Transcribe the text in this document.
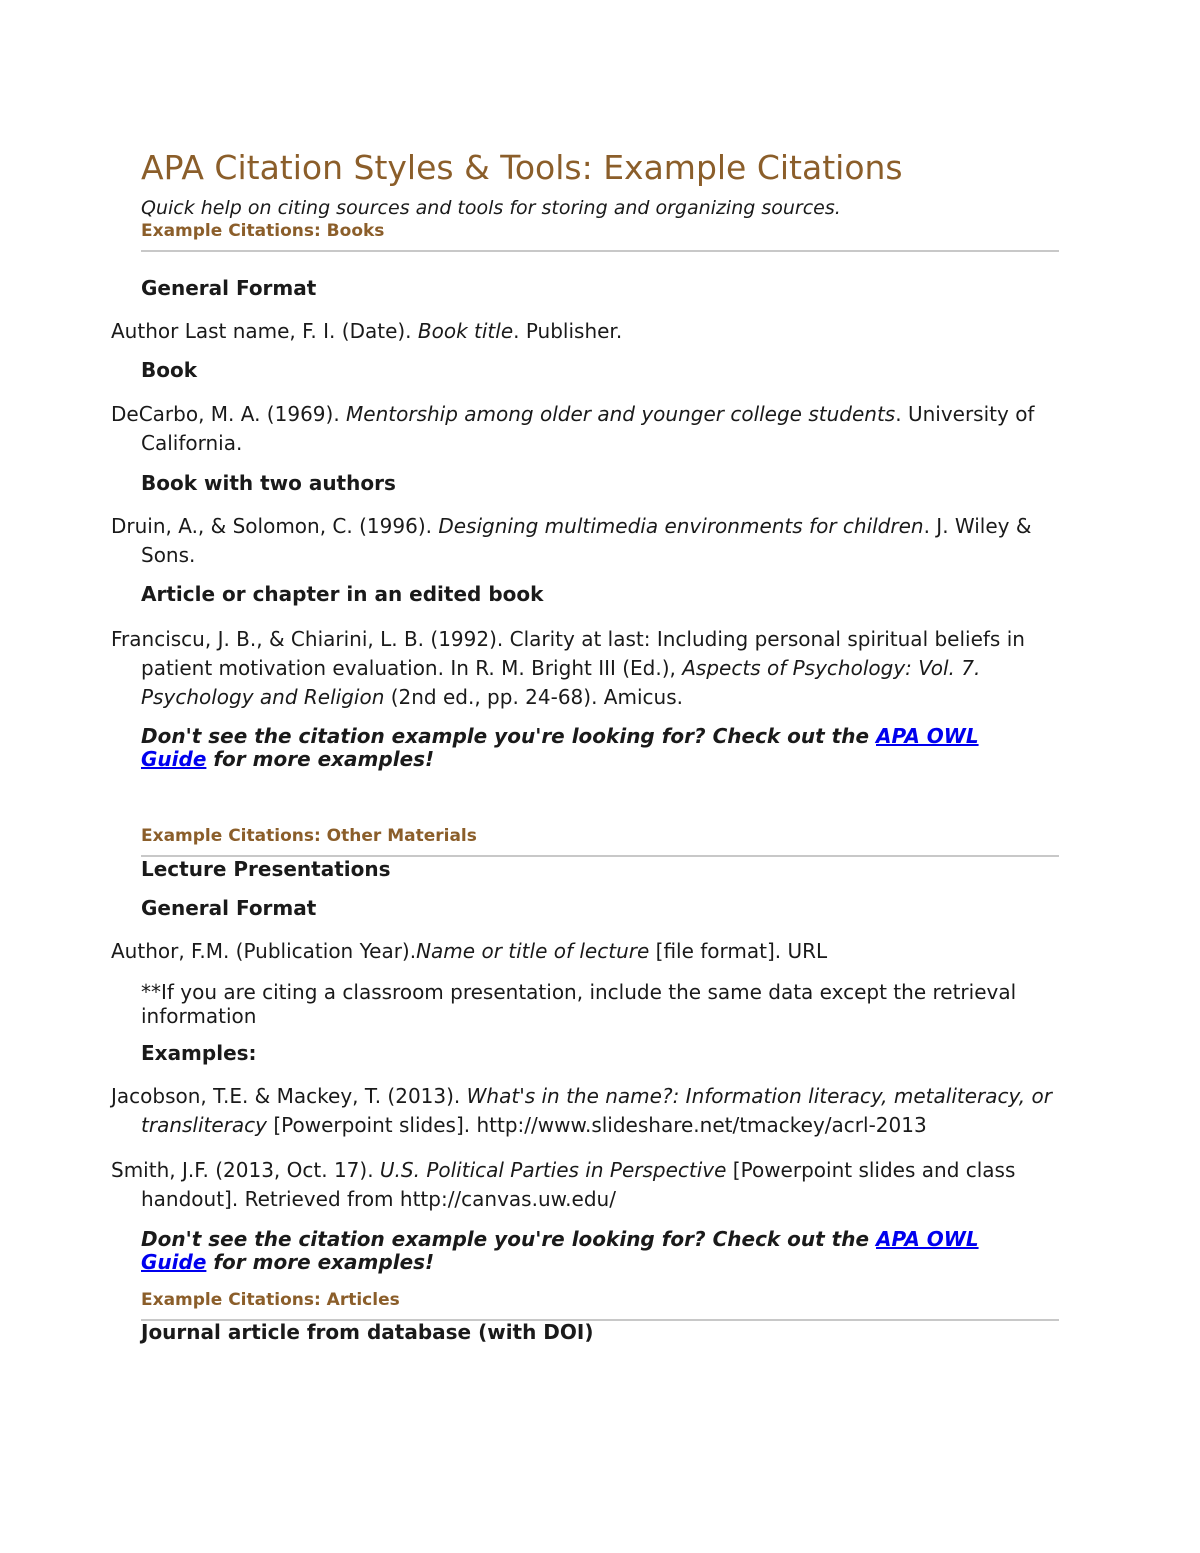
APA Citation Styles & Tools: Example Citations
Quick help on citing sources and tools for storing and organizing sources.
Example Citations: Books
General Format
Author Last name, F. I. (Date). Book title. Publisher.
Book
DeCarbo, M. A. (1969). Mentorship among older and younger college students. University of California.
Book with two authors
Druin, A., & Solomon, C. (1996). Designing multimedia environments for children. J. Wiley & Sons.
Article or chapter in an edited book
Franciscu, J. B., & Chiarini, L. B. (1992). Clarity at last: Including personal spiritual beliefs in patient motivation evaluation. In R. M. Bright III (Ed.), Aspects of Psychology: Vol. 7. Psychology and Religion (2nd ed., pp. 24-68). Amicus.
Don't see the citation example you're looking for? Check out the APA OWL Guide for more examples!
Example Citations: Other Materials
Lecture Presentations
General Format
Author, F.M. (Publication Year).Name or title of lecture [file format]. URL
**If you are citing a classroom presentation, include the same data except the retrieval information
Examples:
Jacobson, T.E. & Mackey, T. (2013). What's in the name?: Information literacy, metaliteracy, or transliteracy [Powerpoint slides]. http://www.slideshare.net/tmackey/acrl-2013
Smith, J.F. (2013, Oct. 17). U.S. Political Parties in Perspective [Powerpoint slides and class handout]. Retrieved from http://canvas.uw.edu/
Don't see the citation example you're looking for? Check out the APA OWL Guide for more examples!
Example Citations: Articles
Journal article from database (with DOI)
